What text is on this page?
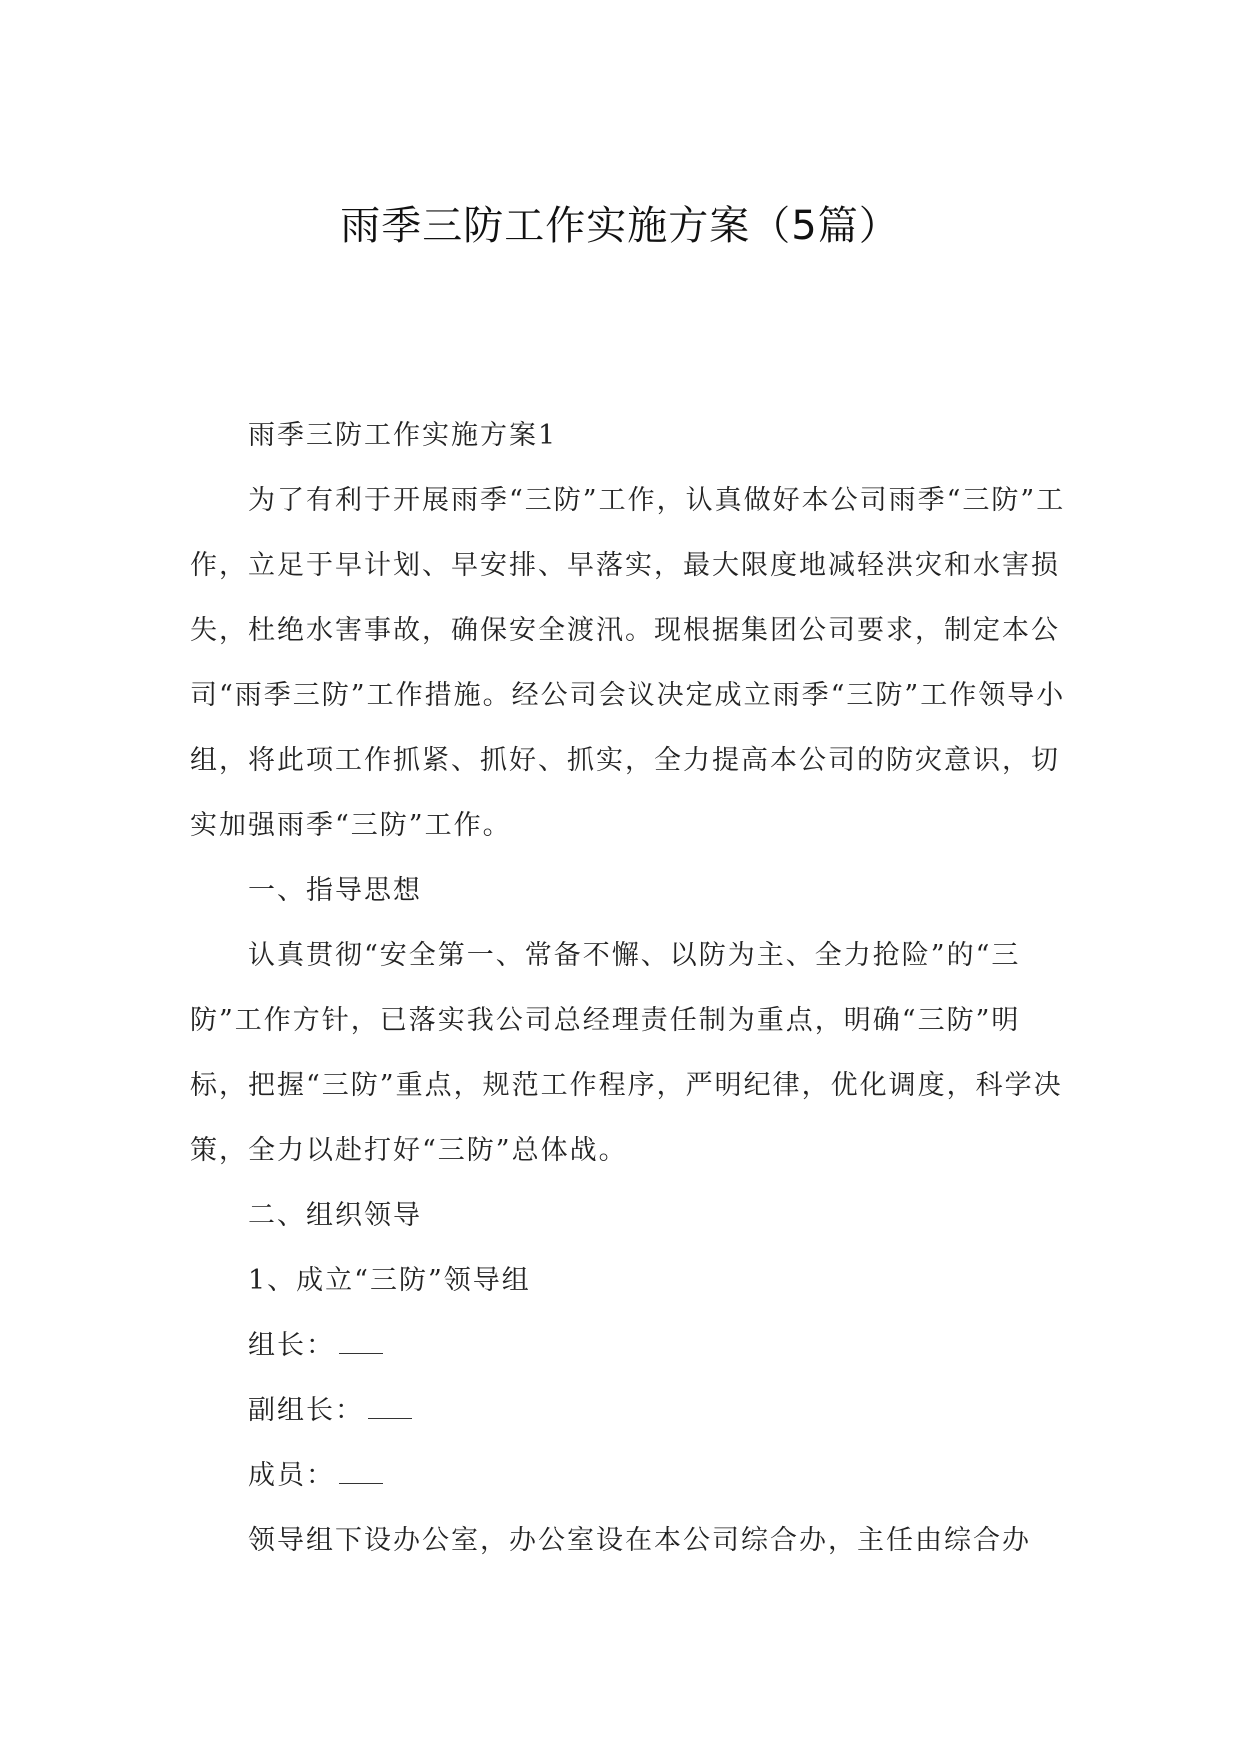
雨季三防工作实施方案（5篇）

雨季三防工作实施方案1

为了有利于开展雨季“三防”工作，认真做好本公司雨季“三防”工作，立足于早计划、早安排、早落实，最大限度地减轻洪灾和水害损失，杜绝水害事故，确保安全渡汛。现根据集团公司要求，制定本公司“雨季三防”工作措施。经公司会议决定成立雨季“三防”工作领导小组，将此项工作抓紧、抓好、抓实，全力提高本公司的防灾意识，切实加强雨季“三防”工作。

一、指导思想

认真贯彻“安全第一、常备不懈、以防为主、全力抢险”的“三防”工作方针，已落实我公司总经理责任制为重点，明确“三防”明标，把握“三防”重点，规范工作程序，严明纪律，优化调度，科学决策，全力以赴打好“三防”总体战。

二、组织领导

1、成立“三防”领导组

组长：

副组长：

成员：

领导组下设办公室，办公室设在本公司综合办，主任由综合办
